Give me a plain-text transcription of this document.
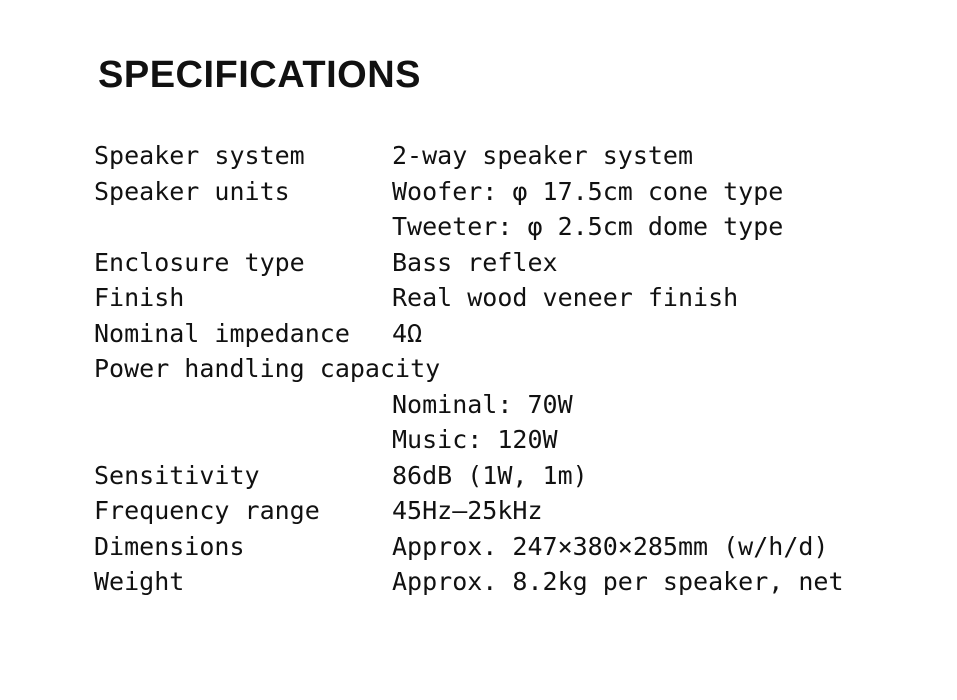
SPECIFICATIONS
Speaker system	2-way speaker system
Speaker units	Woofer: φ 17.5cm cone type
Tweeter: φ 2.5cm dome type
Enclosure type	Bass reflex
Finish	Real wood veneer finish
Nominal impedance	4Ω
Power handling capacity
Nominal: 70W
Music: 120W
Sensitivity	86dB (1W, 1m)
Frequency range	45Hz—25kHz
Dimensions	Approx. 247×380×285mm (w/h/d)
Weight	Approx. 8.2kg per speaker, net
